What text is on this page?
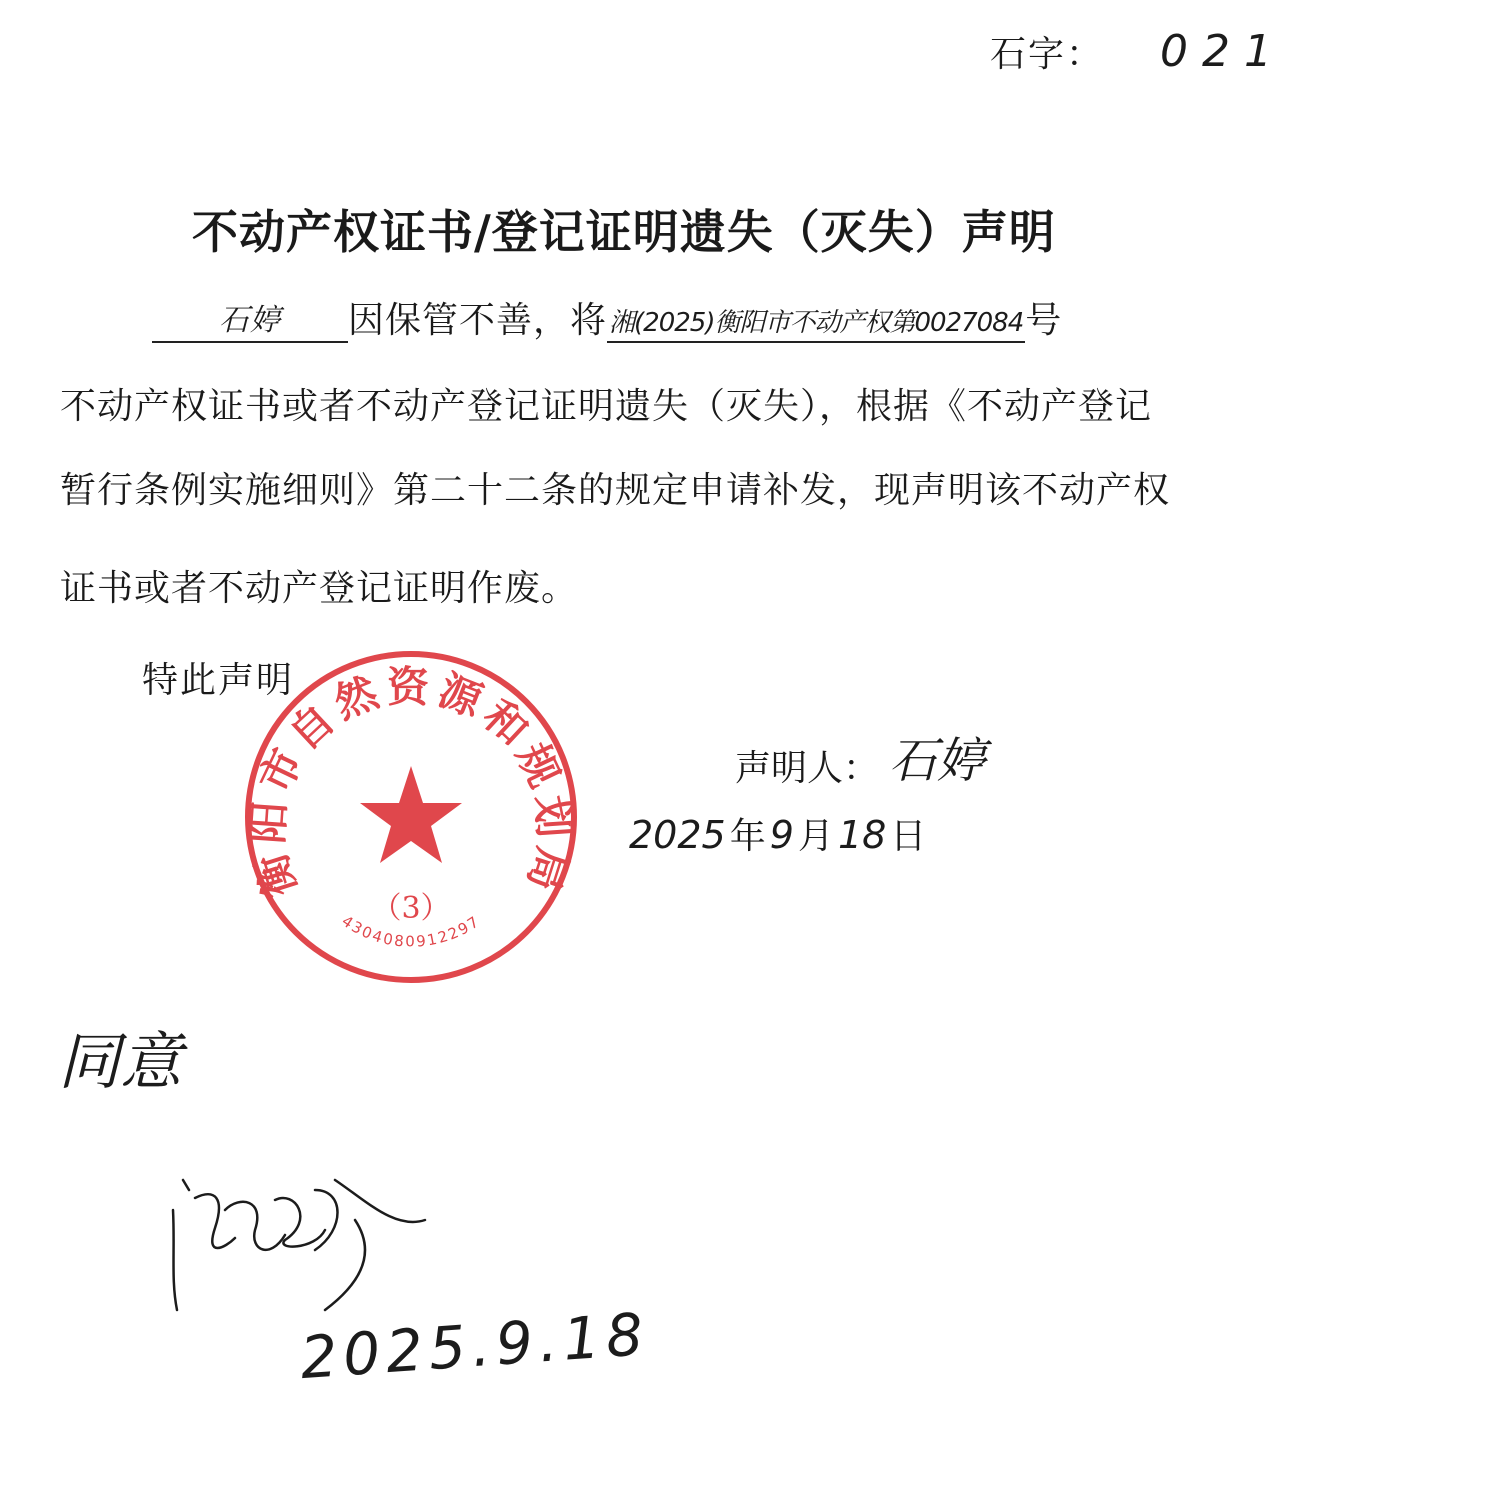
石字： 021
不动产权证书/登记证明遗失（灭失）声明
石婷	因保管不善，将 湘(2025)衡阳市不动产权第0027084 号
不动产权证书或者不动产登记证明遗失（灭失），根据《不动产登记
暂行条例实施细则》第二十二条的规定申请补发，现声明该不动产权
证书或者不动产登记证明作废。
特此声明
声明人： 石婷
2025 年 9 月 18 日
衡阳市自然资源和规划局
（3）
4304080912297
同意
2025.9.18
